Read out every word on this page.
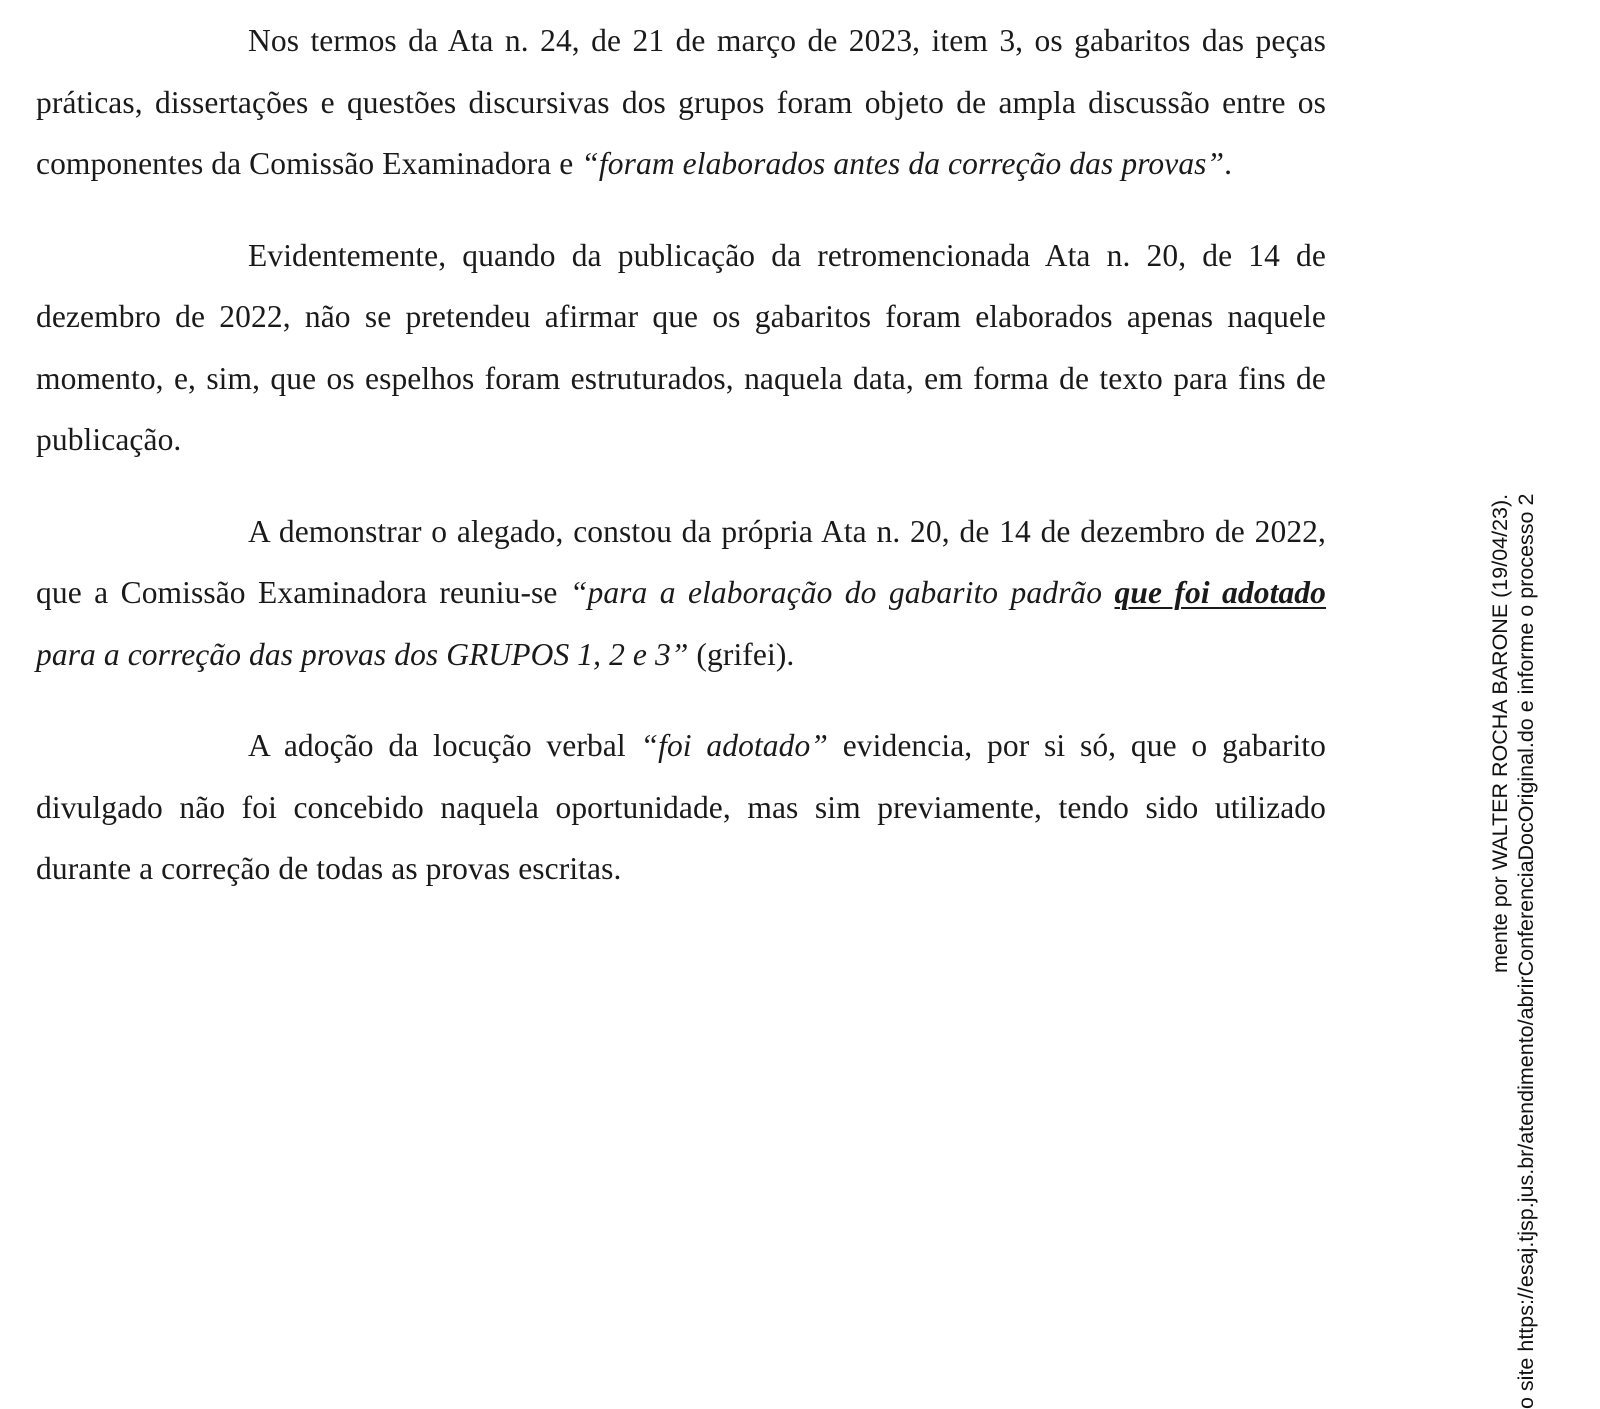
Nos termos da Ata n. 24, de 21 de março de 2023, item 3, os gabaritos das peças práticas, dissertações e questões discursivas dos grupos foram objeto de ampla discussão entre os componentes da Comissão Examinadora e “foram elaborados antes da correção das provas”.

Evidentemente, quando da publicação da retromencionada Ata n. 20, de 14 de dezembro de 2022, não se pretendeu afirmar que os gabaritos foram elaborados apenas naquele momento, e, sim, que os espelhos foram estruturados, naquela data, em forma de texto para fins de publicação.

A demonstrar o alegado, constou da própria Ata n. 20, de 14 de dezembro de 2022, que a Comissão Examinadora reuniu-se “para a elaboração do gabarito padrão que foi adotado para a correção das provas dos GRUPOS 1, 2 e 3” (grifei).

A adoção da locução verbal “foi adotado” evidencia, por si só, que o gabarito divulgado não foi concebido naquela oportunidade, mas sim previamente, tendo sido utilizado durante a correção de todas as provas escritas.	mente por WALTER ROCHA BARONE (19/04/23). o site https://esaj.tjsp.jus.br/atendimento/abrirConferenciaDocOriginal.do e informe o processo 2
